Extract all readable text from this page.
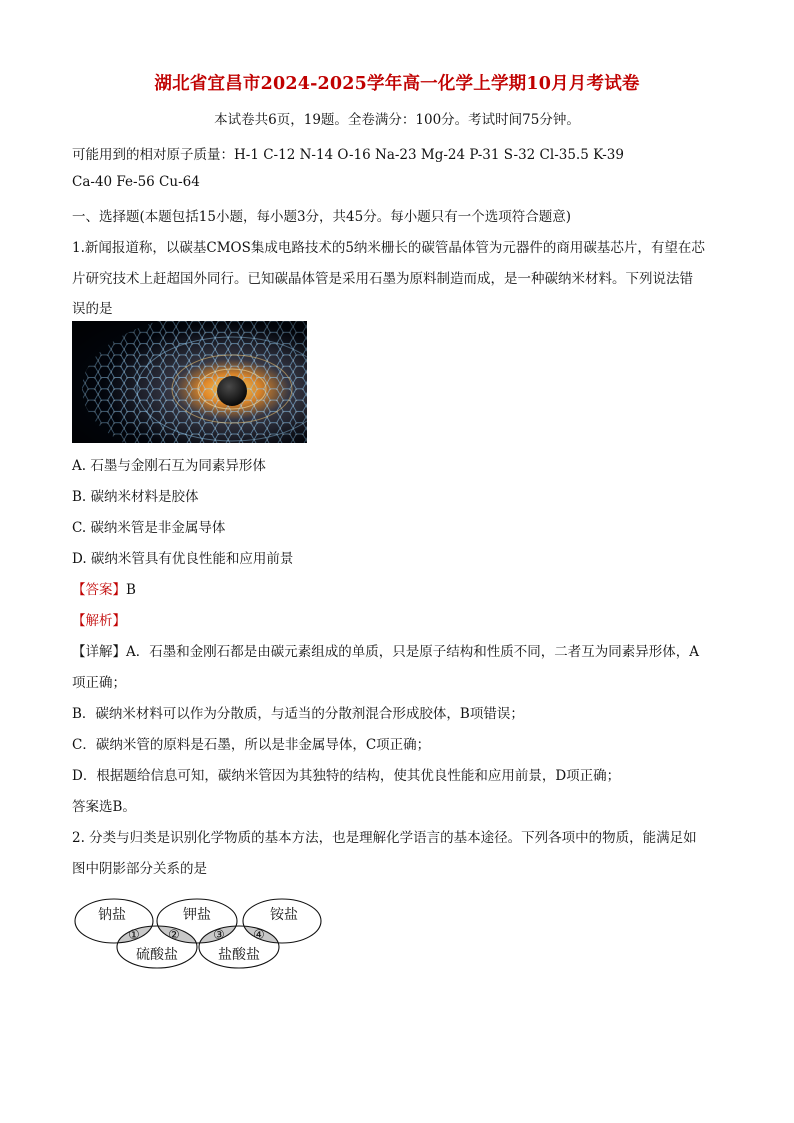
湖北省宜昌市2024-2025学年高一化学上学期10月月考试卷
本试卷共6页，19题。全卷满分：100分。考试时间75分钟。
可能用到的相对原子质量：H-1 C-12 N-14 O-16 Na-23 Mg-24 P-31 S-32 Cl-35.5 K-39
Ca-40 Fe-56 Cu-64
一、选择题(本题包括15小题，每小题3分，共45分。每小题只有一个选项符合题意)
1.新闻报道称，以碳基CMOS集成电路技术的5纳米栅长的碳管晶体管为元器件的商用碳基芯片，有望在芯
片研究技术上赶超国外同行。已知碳晶体管是采用石墨为原料制造而成，是一种碳纳米材料。下列说法错
误的是
A. 石墨与金刚石互为同素异形体
B. 碳纳米材料是胶体
C. 碳纳米管是非金属导体
D. 碳纳米管具有优良性能和应用前景
【答案】B
【解析】
【详解】A．石墨和金刚石都是由碳元素组成的单质，只是原子结构和性质不同，二者互为同素异形体，A
项正确；
B．碳纳米材料可以作为分散质，与适当的分散剂混合形成胶体，B项错误；
C．碳纳米管的原料是石墨，所以是非金属导体，C项正确；
D．根据题给信息可知，碳纳米管因为其独特的结构，使其优良性能和应用前景，D项正确；
答案选B。
2. 分类与归类是识别化学物质的基本方法，也是理解化学语言的基本途径。下列各项中的物质，能满足如
图中阴影部分关系的是
钠盐	钾盐	铵盐
硫酸盐	盐酸盐
① ②	③ ④
